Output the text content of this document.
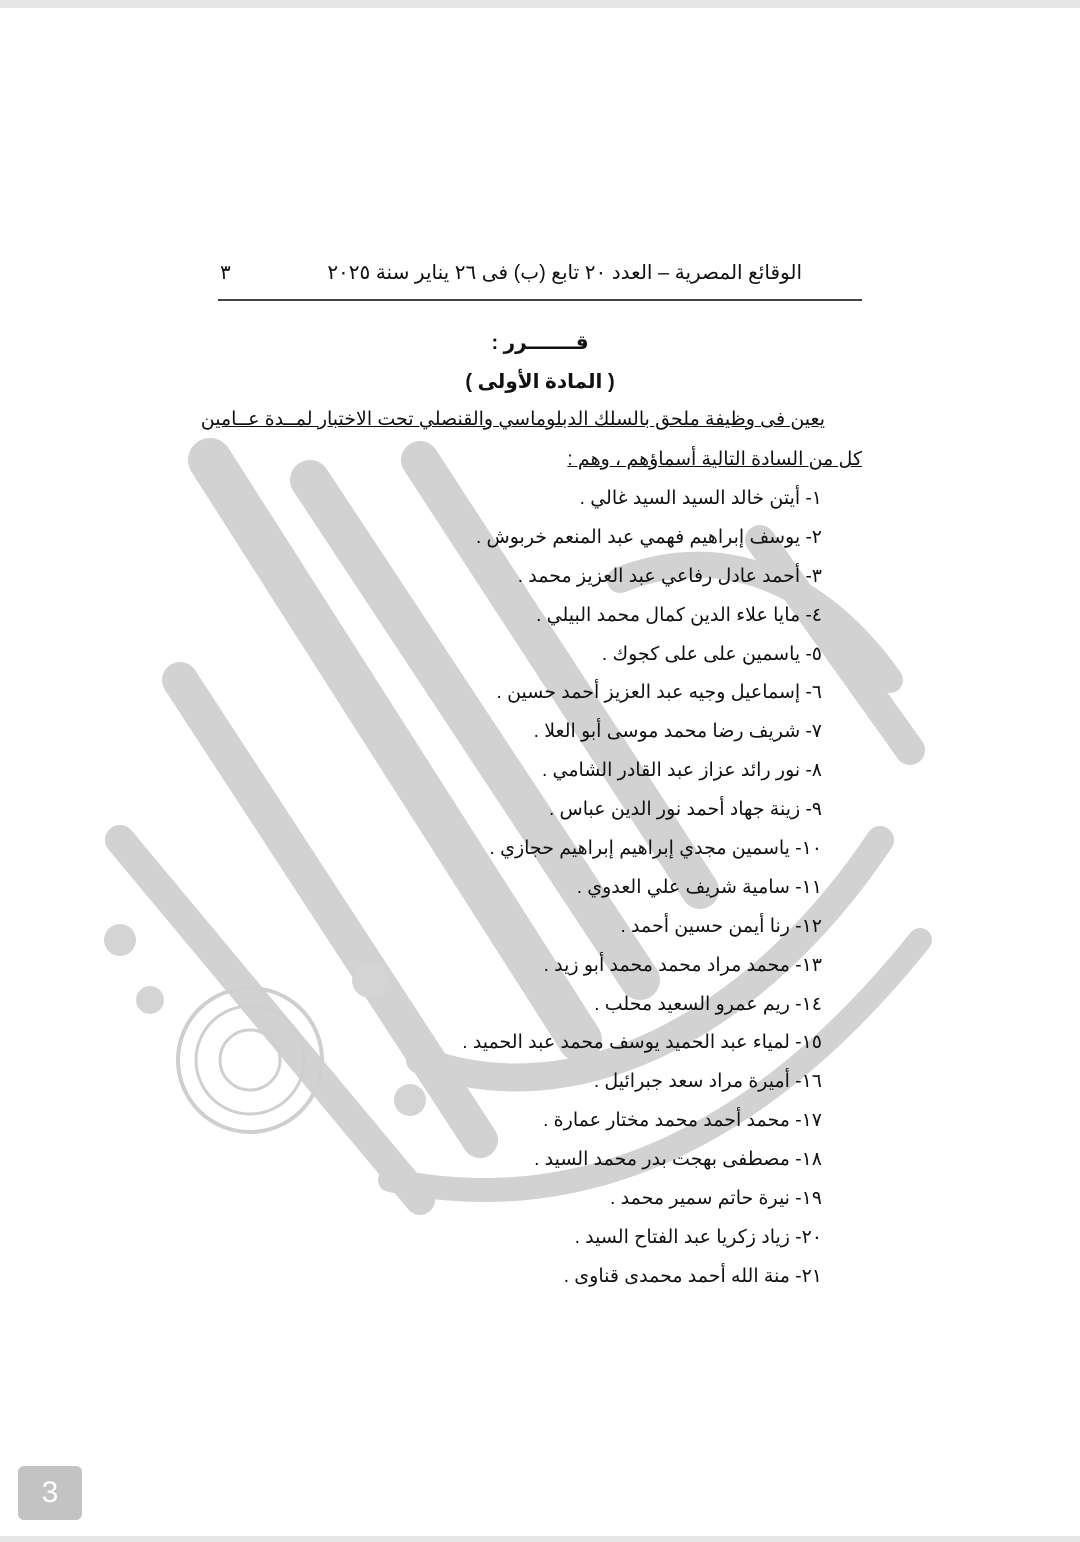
الوقائع المصرية – العدد ٢٠ تابع (ب) فى ٢٦ يناير سنة ٢٠٢٥
٣
قـــــــرر :
( المادة الأولى )
يعين فى وظيفة ملحق بالسلك الدبلوماسي والقنصلي تحت الاختبار لمــدة عــامين
كل من السادة التالية أسماؤهم ، وهم :
١- أيتن خالد السيد السيد غالي .
٢- يوسف إبراهيم فهمي عبد المنعم خربوش .
٣- أحمد عادل رفاعي عبد العزيز محمد .
٤- مايا علاء الدين كمال محمد البيلي .
٥- ياسمين على على كجوك .
٦- إسماعيل وجيه عبد العزيز أحمد حسين .
٧- شريف رضا محمد موسى أبو العلا .
٨- نور رائد عزاز عبد القادر الشامي .
٩- زينة جهاد أحمد نور الدين عباس .
١٠- ياسمين مجدي إبراهيم إبراهيم حجازي .
١١- سامية شريف علي العدوي .
١٢- رنا أيمن حسين أحمد .
١٣- محمد مراد محمد محمد أبو زيد .
١٤- ريم عمرو السعيد محلب .
١٥- لمياء عبد الحميد يوسف محمد عبد الحميد .
١٦- أميرة مراد سعد جبرائيل .
١٧- محمد أحمد محمد مختار عمارة .
١٨- مصطفى بهجت بدر محمد السيد .
١٩- نيرة حاتم سمير محمد .
٢٠- زياد زكريا عبد الفتاح السيد .
٢١- منة الله أحمد محمدى قناوى .
3
